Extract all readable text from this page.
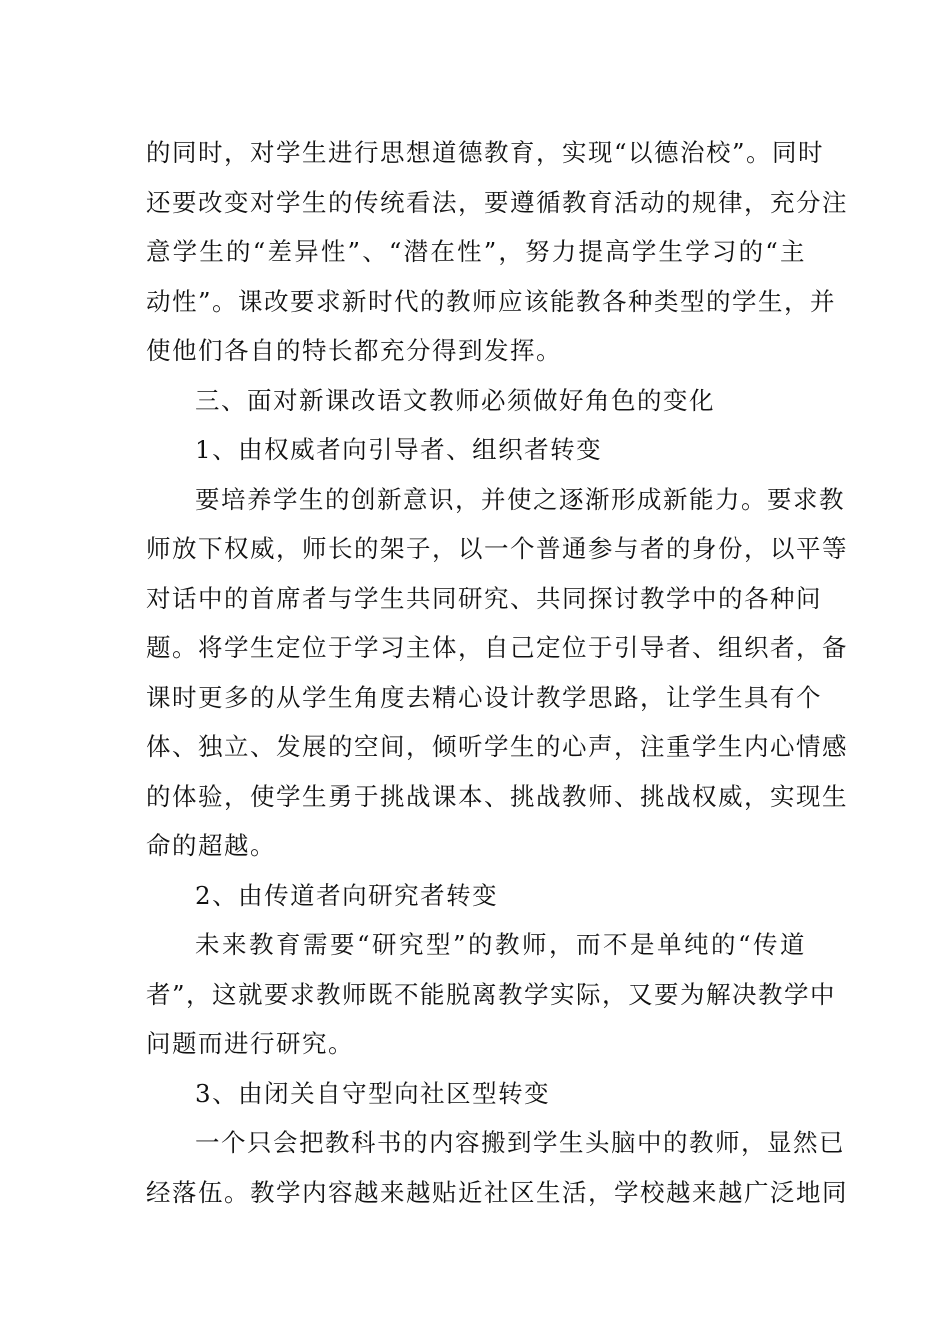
的同时，对学生进行思想道德教育，实现“以德治校”。同时
还要改变对学生的传统看法，要遵循教育活动的规律，充分注
意学生的“差异性”、“潜在性”，努力提高学生学习的“主
动性”。课改要求新时代的教师应该能教各种类型的学生，并
使他们各自的特长都充分得到发挥。

三、面对新课改语文教师必须做好角色的变化

1、由权威者向引导者、组织者转变

要培养学生的创新意识，并使之逐渐形成新能力。要求教
师放下权威，师长的架子，以一个普通参与者的身份，以平等
对话中的首席者与学生共同研究、共同探讨教学中的各种问
题。将学生定位于学习主体，自己定位于引导者、组织者，备
课时更多的从学生角度去精心设计教学思路，让学生具有个
体、独立、发展的空间，倾听学生的心声，注重学生内心情感
的体验，使学生勇于挑战课本、挑战教师、挑战权威，实现生
命的超越。

2、由传道者向研究者转变

未来教育需要“研究型”的教师，而不是单纯的“传道
者”，这就要求教师既不能脱离教学实际，又要为解决教学中
问题而进行研究。

3、由闭关自守型向社区型转变

一个只会把教科书的内容搬到学生头脑中的教师，显然已
经落伍。教学内容越来越贴近社区生活，学校越来越广泛地同
